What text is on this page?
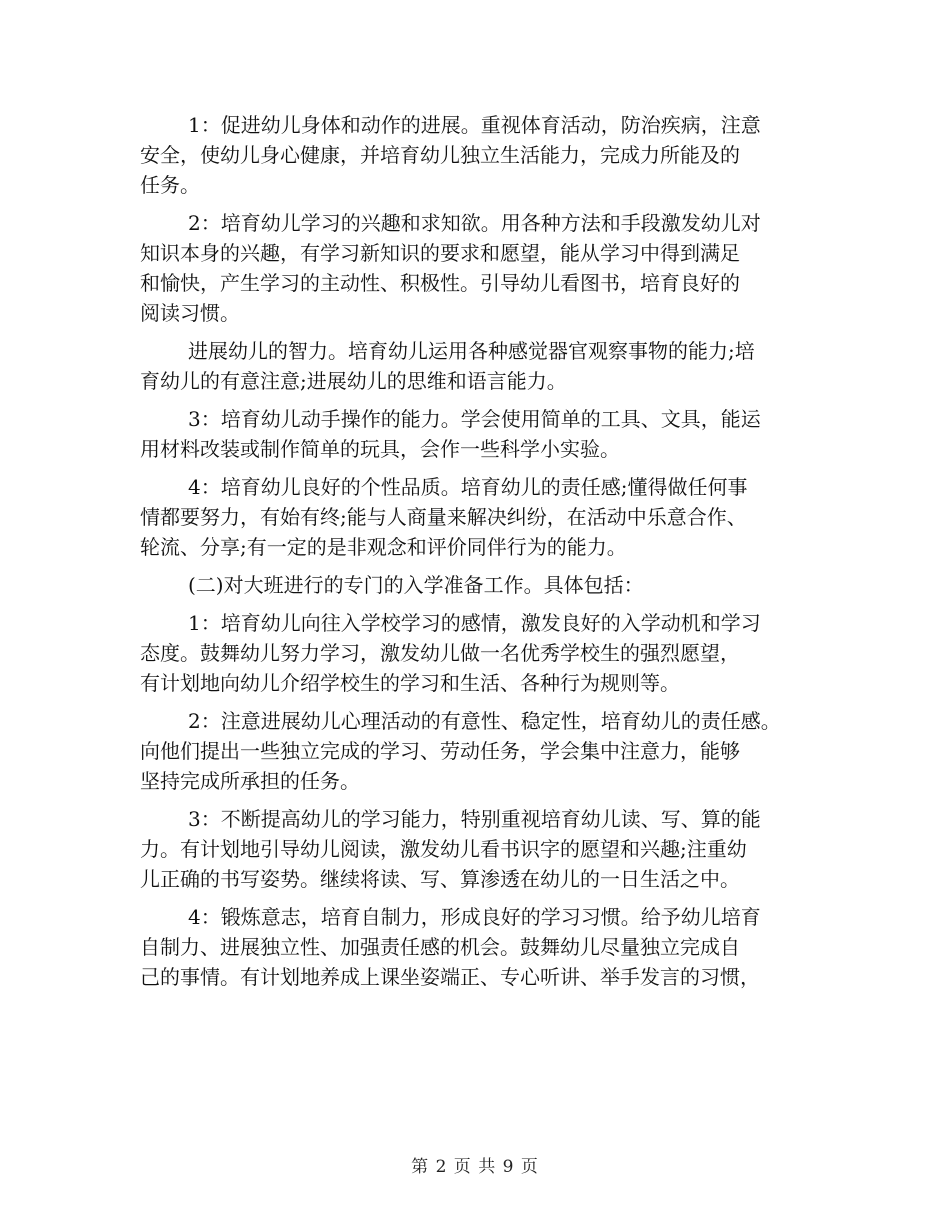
1：促进幼儿身体和动作的进展。重视体育活动，防治疾病，注意
安全，使幼儿身心健康，并培育幼儿独立生活能力，完成力所能及的
任务。
2：培育幼儿学习的兴趣和求知欲。用各种方法和手段激发幼儿对
知识本身的兴趣，有学习新知识的要求和愿望，能从学习中得到满足
和愉快，产生学习的主动性、积极性。引导幼儿看图书，培育良好的
阅读习惯。
进展幼儿的智力。培育幼儿运用各种感觉器官观察事物的能力;培
育幼儿的有意注意;进展幼儿的思维和语言能力。
3：培育幼儿动手操作的能力。学会使用简单的工具、文具，能运
用材料改装或制作简单的玩具，会作一些科学小实验。
4：培育幼儿良好的个性品质。培育幼儿的责任感;懂得做任何事
情都要努力，有始有终;能与人商量来解决纠纷，在活动中乐意合作、
轮流、分享;有一定的是非观念和评价同伴行为的能力。
(二)对大班进行的专门的入学准备工作。具体包括：
1：培育幼儿向往入学校学习的感情，激发良好的入学动机和学习
态度。鼓舞幼儿努力学习，激发幼儿做一名优秀学校生的强烈愿望，
有计划地向幼儿介绍学校生的学习和生活、各种行为规则等。
2：注意进展幼儿心理活动的有意性、稳定性，培育幼儿的责任感。
向他们提出一些独立完成的学习、劳动任务，学会集中注意力，能够
坚持完成所承担的任务。
3：不断提高幼儿的学习能力，特别重视培育幼儿读、写、算的能
力。有计划地引导幼儿阅读，激发幼儿看书识字的愿望和兴趣;注重幼
儿正确的书写姿势。继续将读、写、算渗透在幼儿的一日生活之中。
4：锻炼意志，培育自制力，形成良好的学习习惯。给予幼儿培育
自制力、进展独立性、加强责任感的机会。鼓舞幼儿尽量独立完成自
己的事情。有计划地养成上课坐姿端正、专心听讲、举手发言的习惯，
第 2 页 共 9 页
